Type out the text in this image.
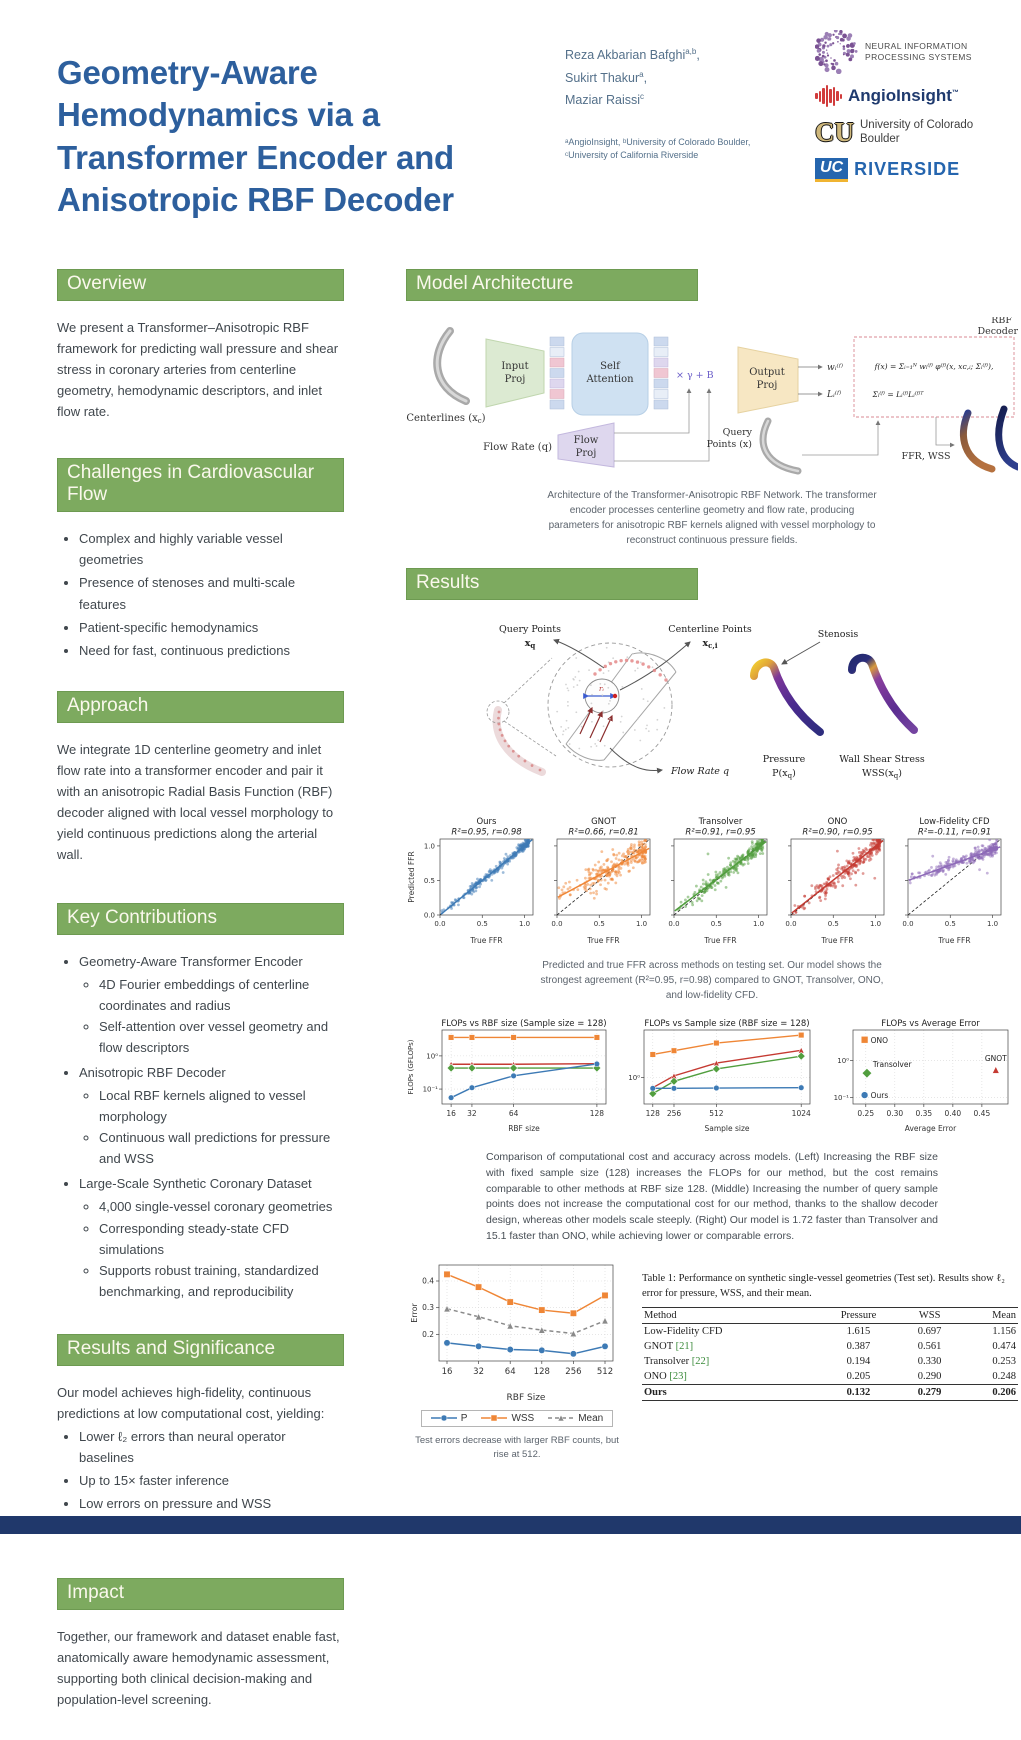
Geometry-Aware Hemodynamics via a Transformer Encoder and Anisotropic RBF Decoder
Reza Akbarian Bafghi$^{a,b}$,
Sukirt Thakur$^a$,
Maziar Raissi$^c$
ᵃAngioInsight, ᵇUniversity of Colorado Boulder,
ᶜUniversity of California Riverside
NEURAL INFORMATION
PROCESSING SYSTEMS
AngioInsight™
CU University of Colorado
Boulder
UC RIVERSIDE
Overview

We present a Transformer–Anisotropic RBF framework for predicting wall pressure and shear stress in coronary arteries from centerline geometry, hemodynamic descriptors, and inlet flow rate.

Challenges in Cardiovascular Flow
• Complex and highly variable vessel geometries
• Presence of stenoses and multi-scale features
• Patient-specific hemodynamics
• Need for fast, continuous predictions
Approach

We integrate 1D centerline geometry and inlet flow rate into a transformer encoder and pair it with an anisotropic Radial Basis Function (RBF) decoder aligned with local vessel morphology to yield continuous predictions along the arterial wall.

Key Contributions
• Geometry-Aware Transformer Encoder
◦ 4D Fourier embeddings of centerline coordinates and radius
◦ Self-attention over vessel geometry and flow descriptors
• Anisotropic RBF Decoder
◦ Local RBF kernels aligned to vessel morphology
◦ Continuous wall predictions for pressure and WSS
• Large-Scale Synthetic Coronary Dataset
◦ 4,000 single-vessel coronary geometries
◦ Corresponding steady-state CFD simulations
◦ Supports robust training, standardized benchmarking, and reproducibility
Results and Significance

Our model achieves high-fidelity, continuous predictions at low computational cost, yielding:

• Lower ℓ₂ errors than neural operator baselines
• Up to 15× faster inference
• Low errors on pressure and WSS
Impact

Together, our framework and dataset enable fast, anatomically aware hemodynamic assessment, supporting both clinical decision-making and population-level screening.

Model Architecture
Centerlines $(x_c)$
Input
Proj
Self
Attention	× γ + B
Flow Rate (q)
Flow
Proj
Output
Proj
wᵢ⁽ᶠ⁾
Lᵢ⁽ᶠ⁾
f(x) = Σᵢ₌₁ᴺ wᵢ⁽ᶠ⁾ φ⁽ᶠ⁾(x, xᴄ,ᵢ; Σᵢ⁽ᶠ⁾),
Σᵢ⁽ᶠ⁾ = Lᵢ⁽ᶠ⁾Lᵢ⁽ᶠ⁾ᵀ
RBF
Decoder
Query
Points (x)
FFR, WSS

Architecture of the Transformer-Anisotropic RBF Network. The transformer encoder processes centerline geometry and flow rate, producing parameters for anisotropic RBF kernels aligned with vessel morphology to reconstruct continuous pressure fields.

Results
rᵢ
Query Points
$x_q$
Centerline Points
$x_{c,i}$
Flow Rate q
Stenosis
Pressure
$P(x_q)$
Wall Shear Stress
$WSS(x_q)$
Ours
R²=0.95, r=0.98
0.0
0.0
0.5
0.5
1.0
1.0
True FFR
Predicted FFR
GNOT
R²=0.66, r=0.81
0.0	0.5	1.0
True FFR
Transolver
R²=0.91, r=0.95
0.0	0.5	1.0
True FFR
ONO
R²=0.90, r=0.95
0.0	0.5	1.0
True FFR
Low-Fidelity CFD
R²=-0.11, r=0.91
0.0	0.5	1.0
True FFR

Predicted and true FFR across methods on testing set. Our model shows the strongest agreement (R²=0.95, r=0.98) compared to GNOT, Transolver, ONO, and low-fidelity CFD.

FLOPs vs RBF size (Sample size = 128)
16 32	64	128
10⁰
10⁻¹
RBF size
FLOPs (GFLOPs)
FLOPs vs Sample size (RBF size = 128)
128 256	512	1024
10⁰
Sample size
FLOPs vs Average Error
0.25 0.30 0.35 0.40 0.45
10⁰
10⁻¹
Average Error
ONO
Transolver
Ours
GNOT

Comparison of computational cost and accuracy across models. (Left) Increasing the RBF size with fixed sample size (128) increases the FLOPs for our method, but the cost remains comparable to other methods at RBF size 128. (Middle) Increasing the number of query sample points does not increase the computational cost for our method, thanks to the shallow decoder design, whereas other models scale steeply. (Right) Our model is 1.72 faster than Transolver and 15.1 faster than ONO, while achieving lower or comparable errors.

16 32 64 128 256 512
0.2
0.3
0.4
RBF Size
Error
P	WSS	Mean

Test errors decrease with larger RBF counts, but rise at 512.

Table 1: Performance on synthetic single-vessel geometries (Test set). Results show ℓ₂ error for pressure, WSS, and their mean.

Method	Pressure	WSS	Mean
Low-Fidelity CFD	1.615	0.697	1.156
GNOT [21]	0.387	0.561	0.474
Transolver [22]	0.194	0.330	0.253
ONO [23]	0.205	0.290	0.248
Ours	0.132	0.279	0.206
